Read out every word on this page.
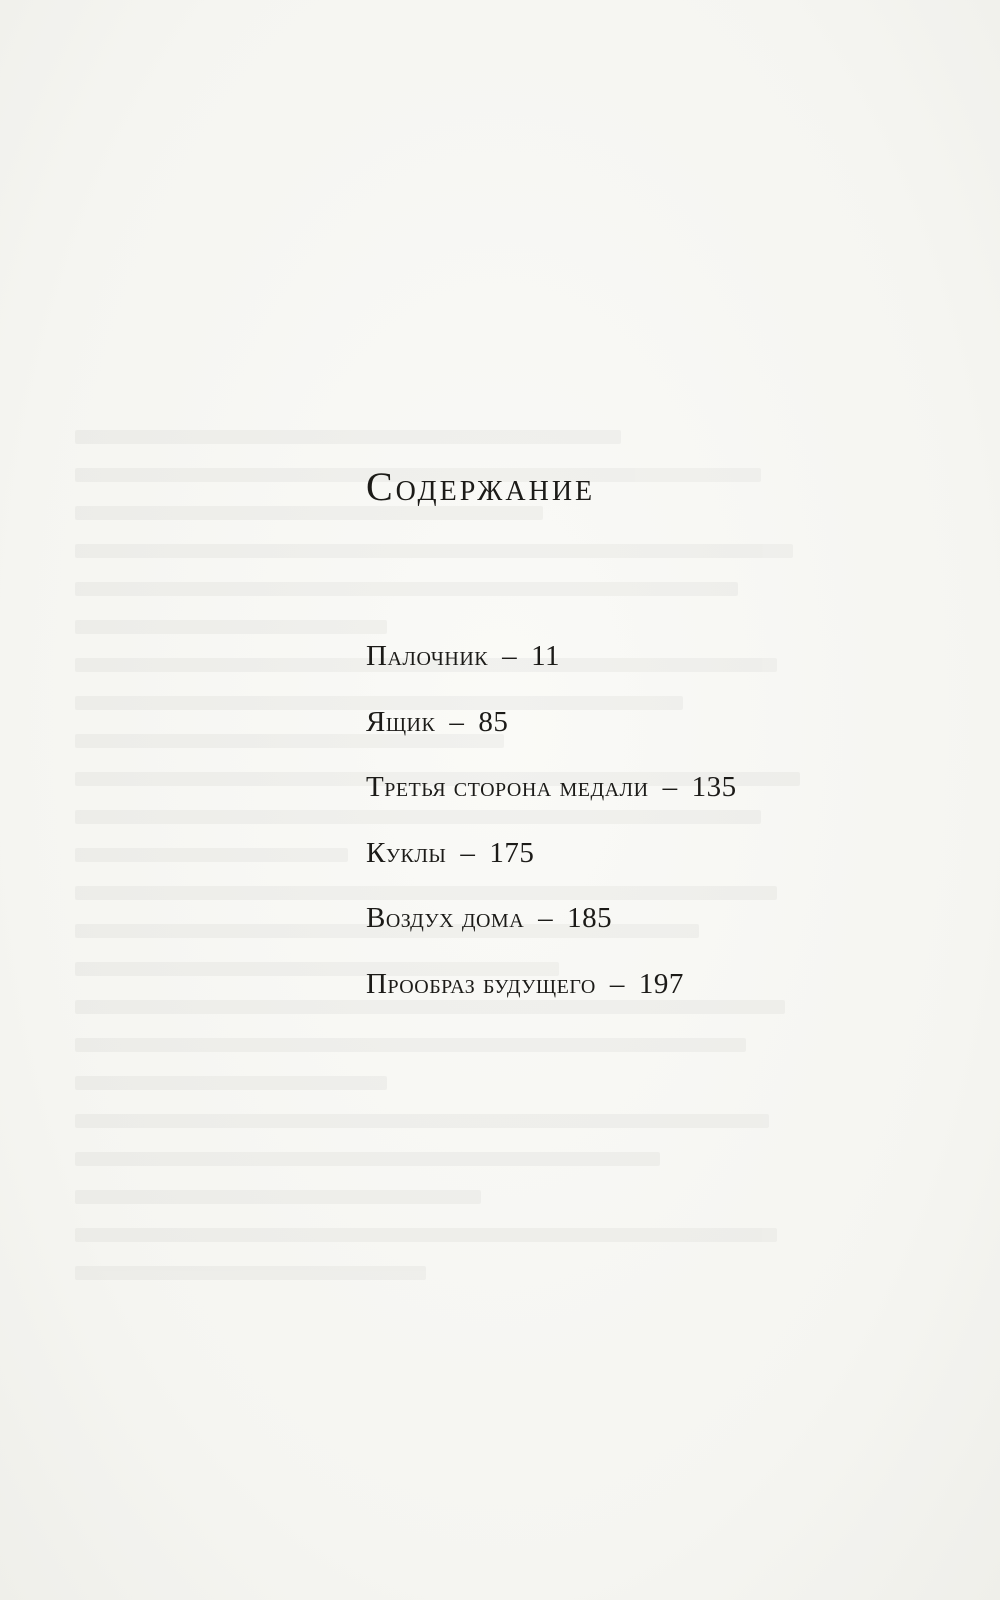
Содержание
Палочник – 11
Ящик – 85
Третья сторона медали – 135
Куклы – 175
Воздух дома – 185
Прообраз будущего – 197
